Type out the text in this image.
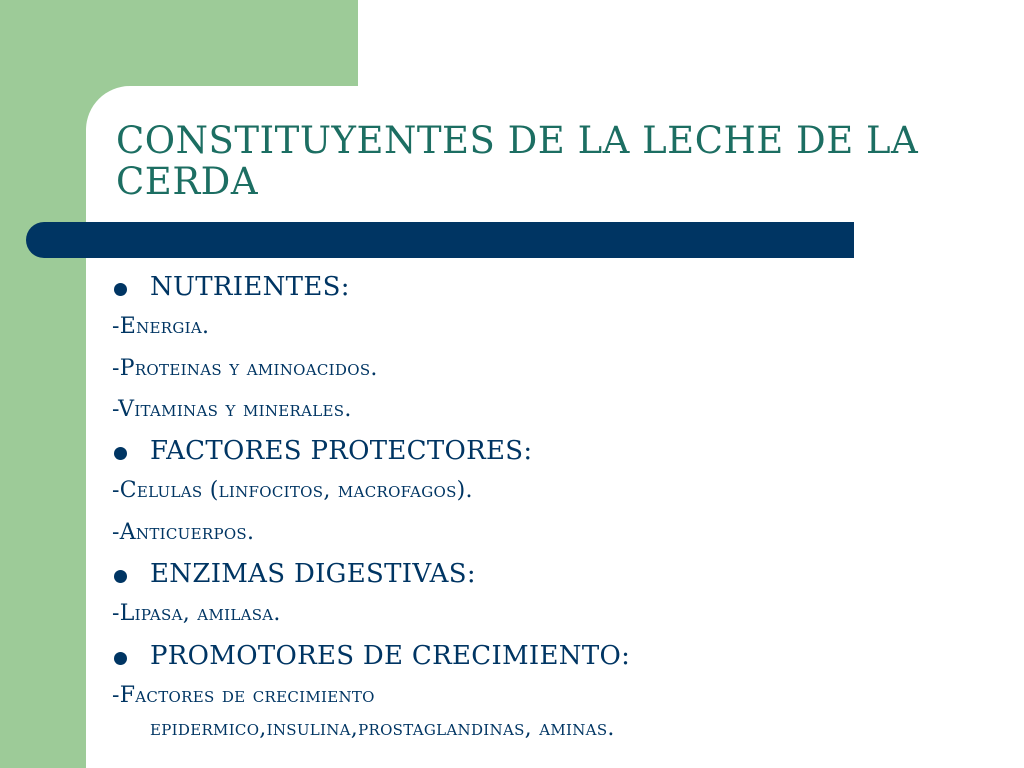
CONSTITUYENTES DE LA LECHE DE LA CERDA
NUTRIENTES:
-Energia.
-Proteinas y aminoacidos.
-Vitaminas y minerales.
FACTORES PROTECTORES:
-Celulas (linfocitos, macrofagos).
-Anticuerpos.
ENZIMAS DIGESTIVAS:
-Lipasa, amilasa.
PROMOTORES DE CRECIMIENTO:
-Factores de crecimiento
epidermico,insulina,prostaglandinas, aminas.
